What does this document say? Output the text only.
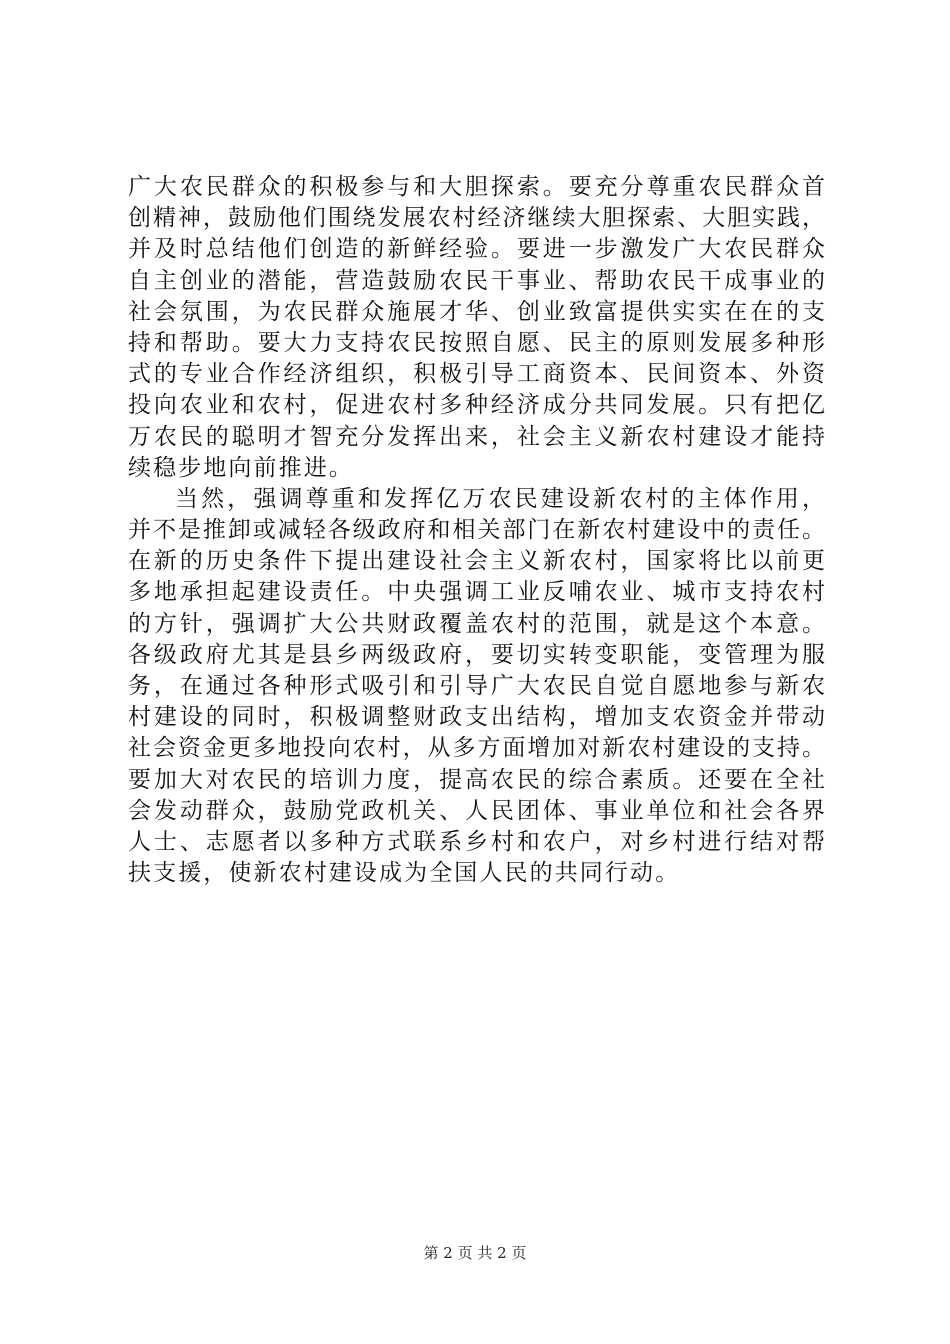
广大农民群众的积极参与和大胆探索。要充分尊重农民群众首
创精神，鼓励他们围绕发展农村经济继续大胆探索、大胆实践，
并及时总结他们创造的新鲜经验。要进一步激发广大农民群众
自主创业的潜能，营造鼓励农民干事业、帮助农民干成事业的
社会氛围，为农民群众施展才华、创业致富提供实实在在的支
持和帮助。要大力支持农民按照自愿、民主的原则发展多种形
式的专业合作经济组织，积极引导工商资本、民间资本、外资
投向农业和农村，促进农村多种经济成分共同发展。只有把亿
万农民的聪明才智充分发挥出来，社会主义新农村建设才能持
续稳步地向前推进。
当然，强调尊重和发挥亿万农民建设新农村的主体作用，
并不是推卸或减轻各级政府和相关部门在新农村建设中的责任。
在新的历史条件下提出建设社会主义新农村，国家将比以前更
多地承担起建设责任。中央强调工业反哺农业、城市支持农村
的方针，强调扩大公共财政覆盖农村的范围，就是这个本意。
各级政府尤其是县乡两级政府，要切实转变职能，变管理为服
务，在通过各种形式吸引和引导广大农民自觉自愿地参与新农
村建设的同时，积极调整财政支出结构，增加支农资金并带动
社会资金更多地投向农村，从多方面增加对新农村建设的支持。
要加大对农民的培训力度，提高农民的综合素质。还要在全社
会发动群众，鼓励党政机关、人民团体、事业单位和社会各界
人士、志愿者以多种方式联系乡村和农户，对乡村进行结对帮
扶支援，使新农村建设成为全国人民的共同行动。
第 2 页 共 2 页
